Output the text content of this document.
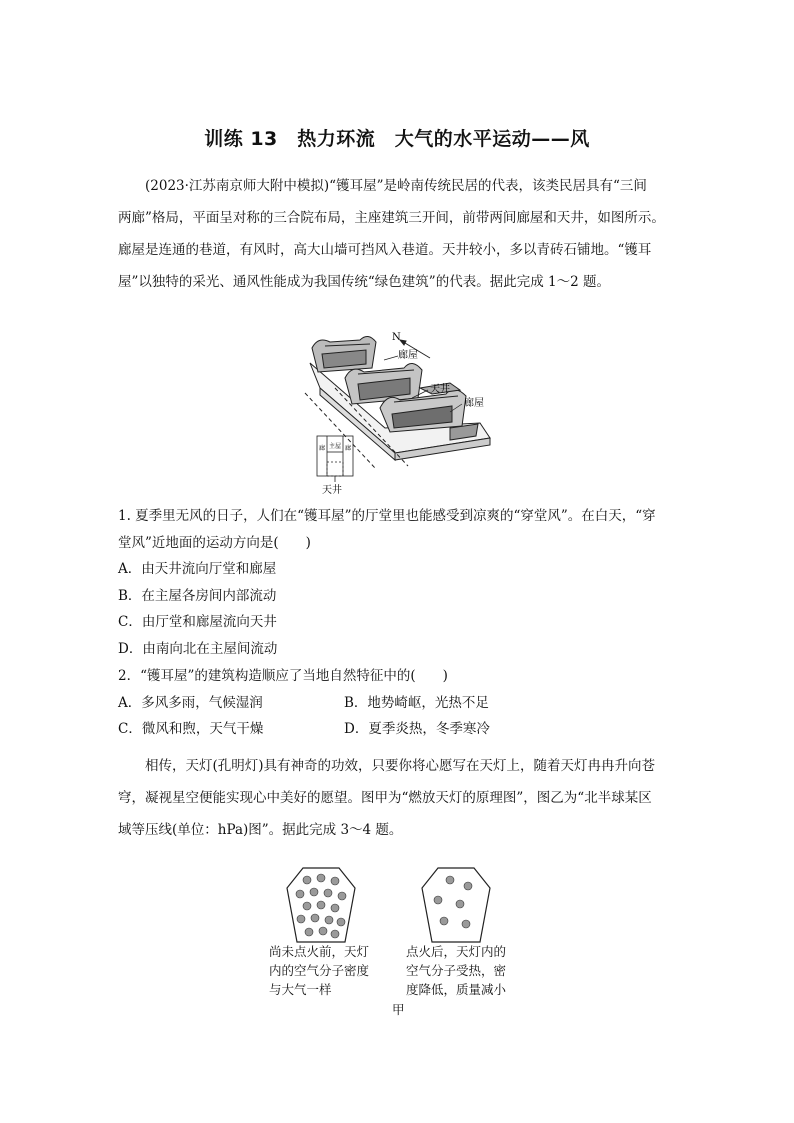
训练 13　热力环流　大气的水平运动——风

　　(2023·江苏南京师大附中模拟)“镬耳屋”是岭南传统民居的代表，该类民居具有“三间

两廊”格局，平面呈对称的三合院布局，主座建筑三开间，前带两间廊屋和天井，如图所示。

廊屋是连通的巷道，有风时，高大山墙可挡风入巷道。天井较小，多以青砖石铺地。“镬耳

屋”以独特的采光、通风性能成为我国传统“绿色建筑”的代表。据此完成 1～2 题。

N
廊屋
天井
廊屋
廊 主屋 廊
天井
1. 夏季里无风的日子，人们在“镬耳屋”的厅堂里也能感受到凉爽的“穿堂风”。在白天，“穿
堂风”近地面的运动方向是(　　)
A．由天井流向厅堂和廊屋
B．在主屋各房间内部流动
C．由厅堂和廊屋流向天井
D．由南向北在主屋间流动
2．“镬耳屋”的建筑构造顺应了当地自然特征中的(　　)
A．多风多雨，气候湿润	B．地势崎岖，光热不足
C．微风和煦，天气干燥	D．夏季炎热，冬季寒冷

　　相传，天灯(孔明灯)具有神奇的功效，只要你将心愿写在天灯上，随着天灯冉冉升向苍

穹，凝视星空便能实现心中美好的愿望。图甲为“燃放天灯的原理图”，图乙为“北半球某区

域等压线(单位：hPa)图”。据此完成 3～4 题。

尚未点火前，天灯
内的空气分子密度
与大气一样
点火后，天灯内的
空气分子受热，密
度降低，质量减小
甲
